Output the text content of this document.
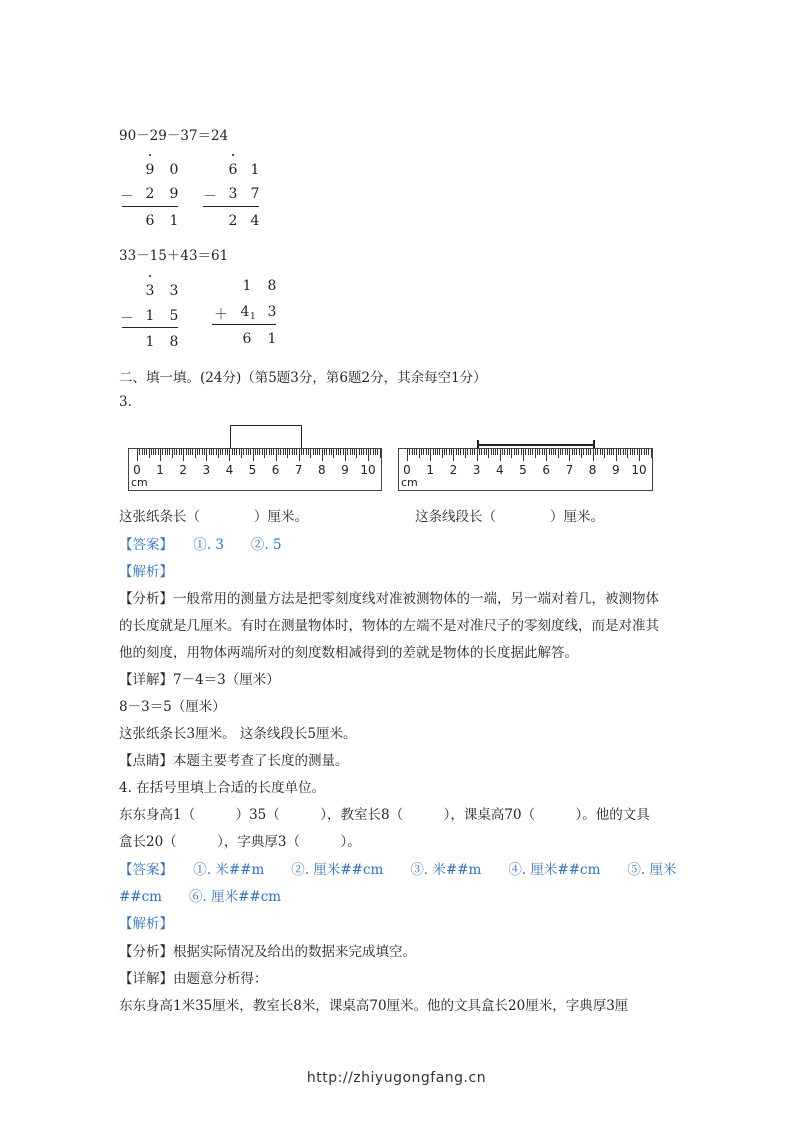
90－29－37＝24
9 0
－ 2 9
6 1
6 1
－ 3 7
2 4
33－15＋43＝61
3 3
－ 1 5
1 8
1 8
＋ 4 1 3
6 1
二、填一填。(24分)（第5题3分，第6题2分，其余每空1分）
3.
0 1 2 3 4 5 6 7 8 9 10
cm
0 1 2 3 4 5 6 7 8 9 10
cm
这张纸条长（　　　　）厘米。	这条线段长（　　　　）厘米。
【答案】　　①. 3　　②. 5
【解析】
【分析】一般常用的测量方法是把零刻度线对准被测物体的一端，另一端对着几，被测物体
的长度就是几厘米。有时在测量物体时，物体的左端不是对准尺子的零刻度线，而是对准其
他的刻度，用物体两端所对的刻度数相减得到的差就是物体的长度据此解答。
【详解】7－4＝3（厘米）
8－3＝5（厘米）
这张纸条长3厘米。 这条线段长5厘米。
【点睛】本题主要考查了长度的测量。
4. 在括号里填上合适的长度单位。
东东身高1（　　　）35（　　　），教室长8（　　　），课桌高70（　　　）。他的文具
盒长20（　　　），字典厚3（　　　）。
【答案】　　①. 米##m　　②. 厘米##cm　　③. 米##m　　④. 厘米##cm　　⑤. 厘米
##cm　　⑥. 厘米##cm
【解析】
【分析】根据实际情况及给出的数据来完成填空。
【详解】由题意分析得：
东东身高1米35厘米，教室长8米，课桌高70厘米。他的文具盒长20厘米，字典厚3厘
http://zhiyugongfang.cn
